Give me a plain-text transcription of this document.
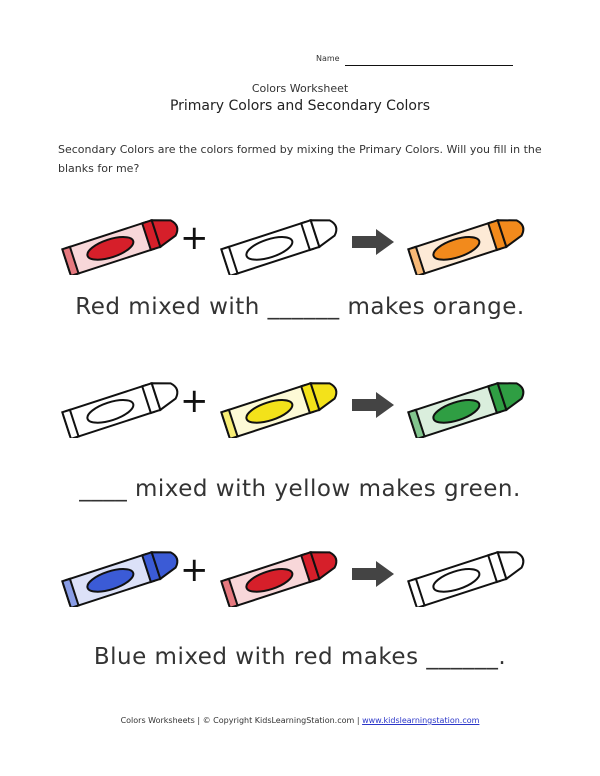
Name
Colors Worksheet
Primary Colors and Secondary Colors
Secondary Colors are the colors formed by mixing the Primary Colors. Will you fill in the blanks for me?
+
Red mixed with ______ makes orange.
+
____ mixed with yellow makes green.
+
Blue mixed with red makes ______.
Colors Worksheets | © Copyright KidsLearningStation.com | www.kidslearningstation.com
